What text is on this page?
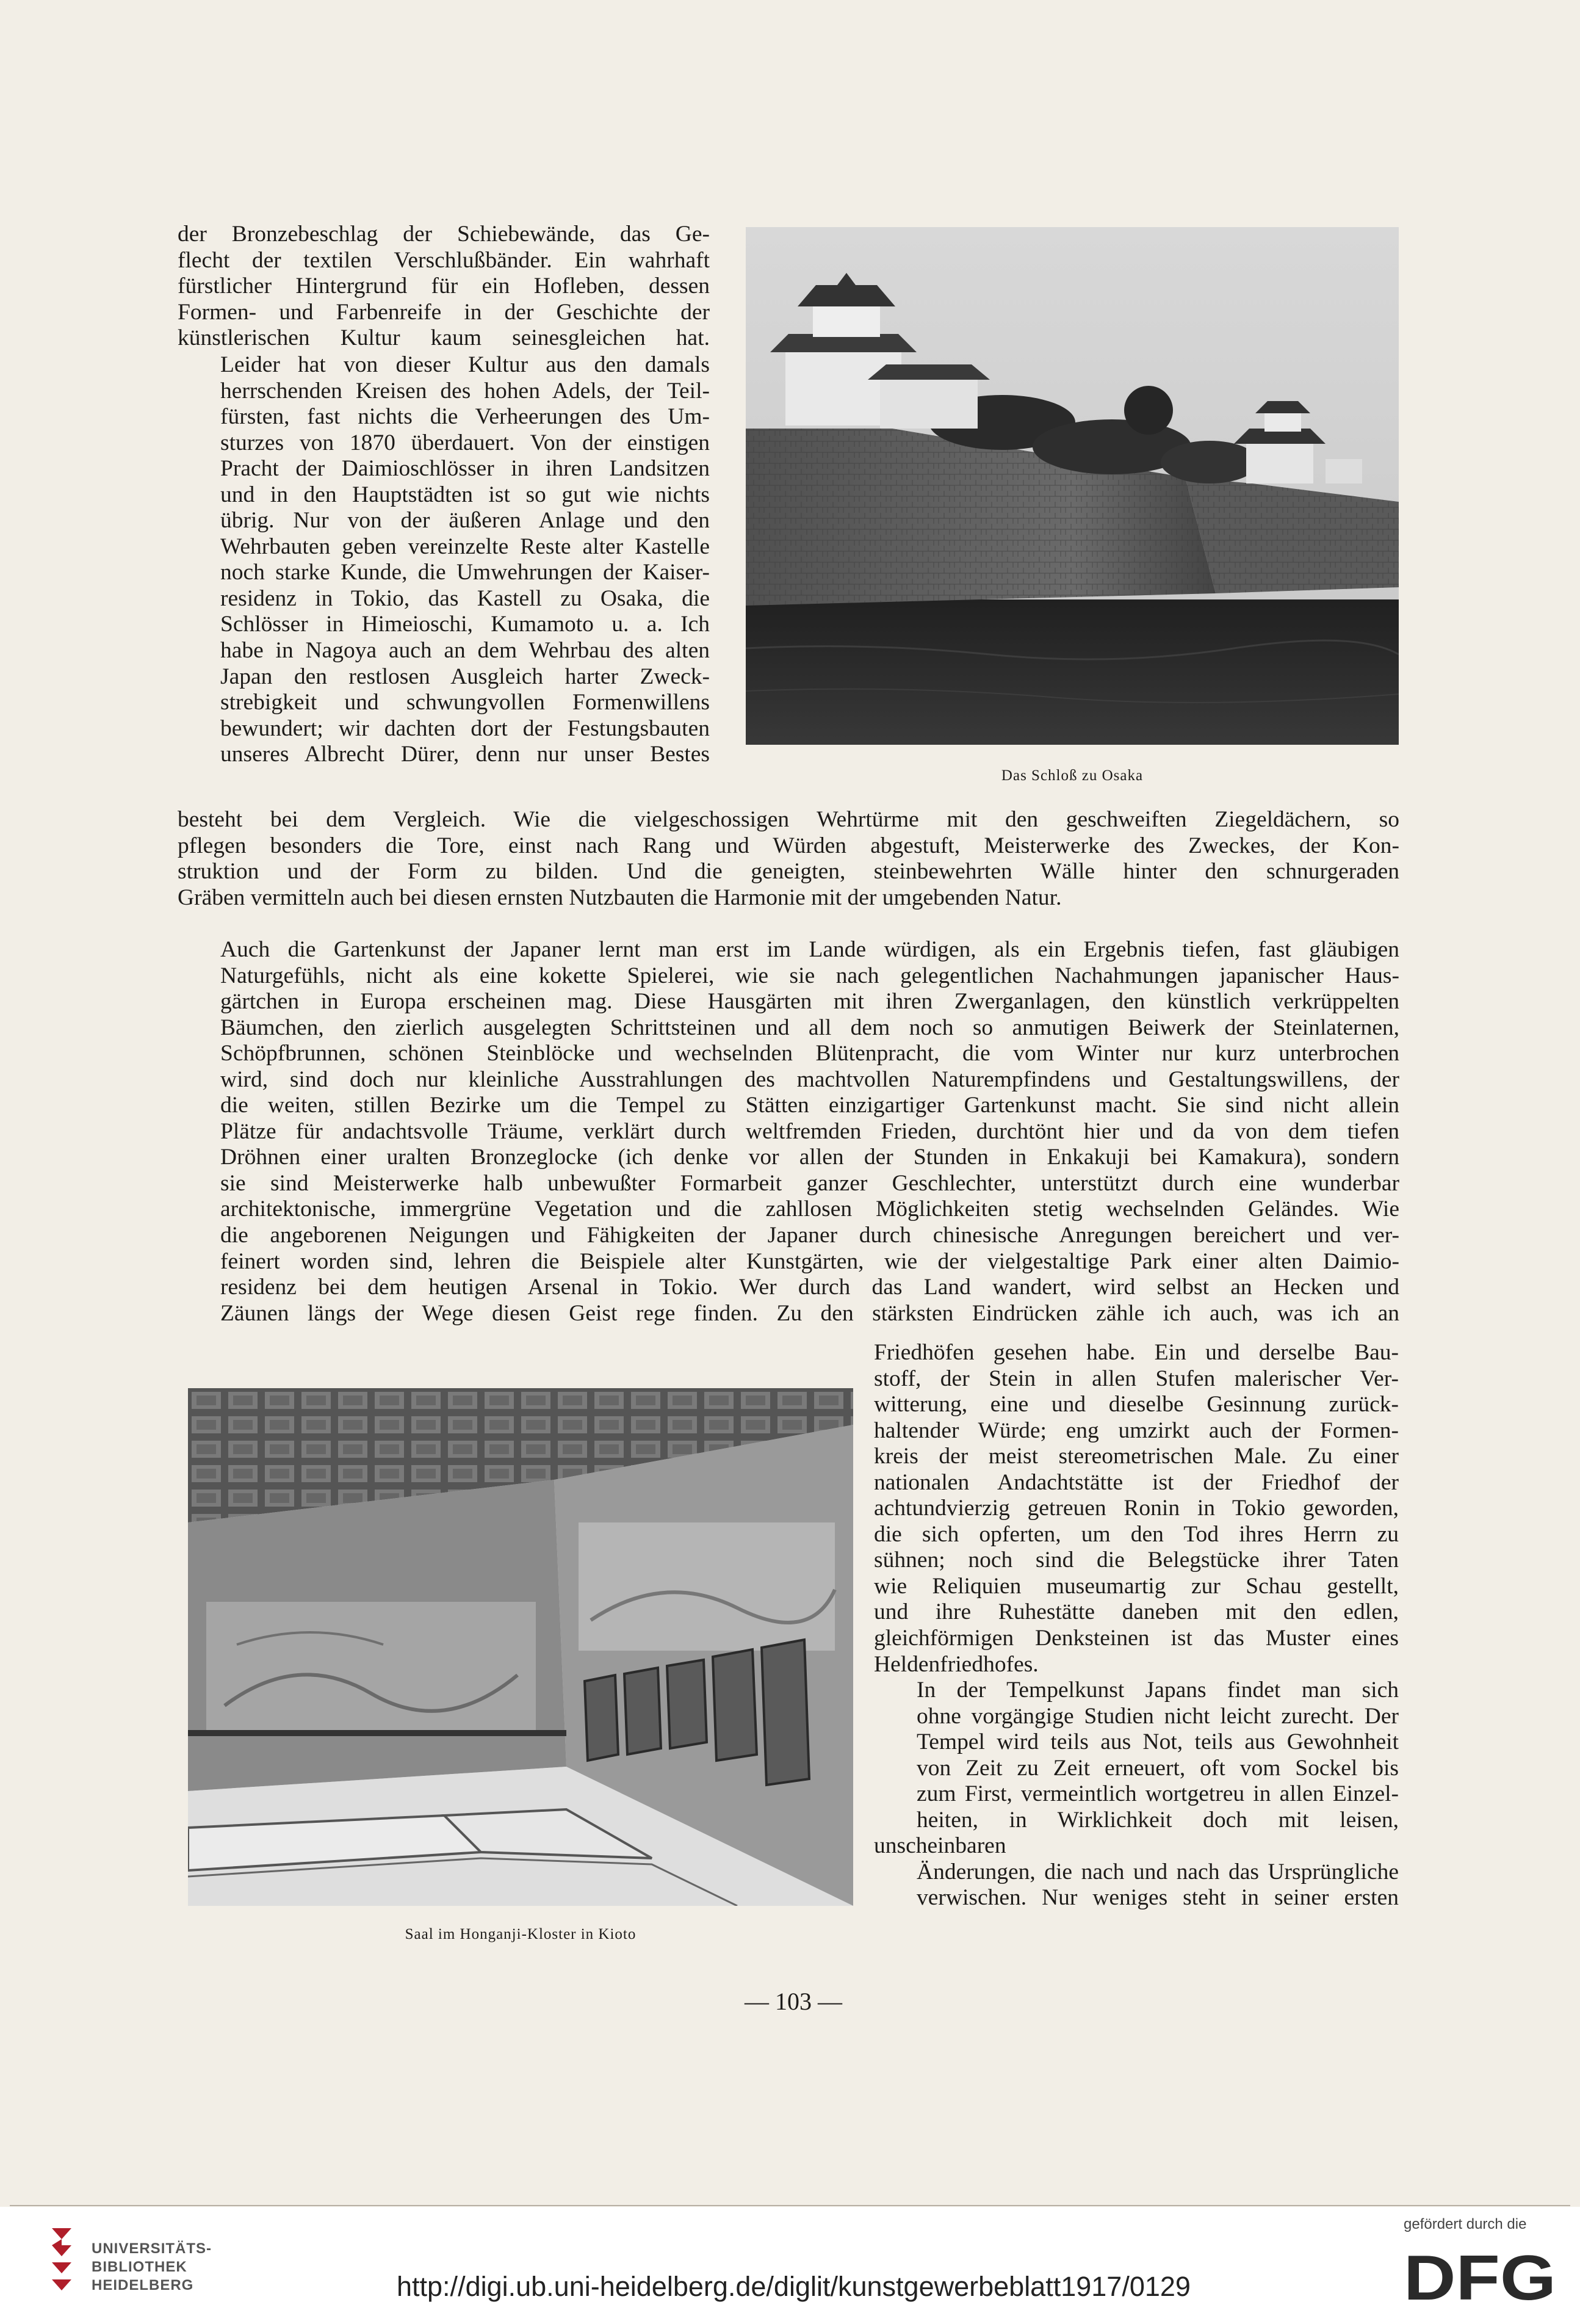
der Bronzebeschlag der Schiebewände, das Ge-
flecht der textilen Verschlußbänder. Ein wahrhaft
fürstlicher Hintergrund für ein Hofleben, dessen
Formen- und Farbenreife in der Geschichte der
künstlerischen Kultur kaum seinesgleichen hat.
Leider hat von dieser Kultur aus den damals
herrschenden Kreisen des hohen Adels, der Teil-
fürsten, fast nichts die Verheerungen des Um-
sturzes von 1870 überdauert. Von der einstigen
Pracht der Daimioschlösser in ihren Landsitzen
und in den Hauptstädten ist so gut wie nichts
übrig. Nur von der äußeren Anlage und den
Wehrbauten geben vereinzelte Reste alter Kastelle
noch starke Kunde, die Umwehrungen der Kaiser-
residenz in Tokio, das Kastell zu Osaka, die
Schlösser in Himeioschi, Kumamoto u. a. Ich
habe in Nagoya auch an dem Wehrbau des alten
Japan den restlosen Ausgleich harter Zweck-
strebigkeit und schwungvollen Formenwillens
bewundert; wir dachten dort der Festungsbauten
unseres Albrecht Dürer, denn nur unser Bestes
Das Schloß zu Osaka
besteht bei dem Vergleich. Wie die vielgeschossigen Wehrtürme mit den geschweiften Ziegeldächern, so
pflegen besonders die Tore, einst nach Rang und Würden abgestuft, Meisterwerke des Zweckes, der Kon-
struktion und der Form zu bilden. Und die geneigten, steinbewehrten Wälle hinter den schnurgeraden
Gräben vermitteln auch bei diesen ernsten Nutzbauten die Harmonie mit der umgebenden Natur.
Auch die Gartenkunst der Japaner lernt man erst im Lande würdigen, als ein Ergebnis tiefen, fast gläubigen
Naturgefühls, nicht als eine kokette Spielerei, wie sie nach gelegentlichen Nachahmungen japanischer Haus-
gärtchen in Europa erscheinen mag. Diese Hausgärten mit ihren Zwerganlagen, den künstlich verkrüppelten
Bäumchen, den zierlich ausgelegten Schrittsteinen und all dem noch so anmutigen Beiwerk der Steinlaternen,
Schöpfbrunnen, schönen Steinblöcke und wechselnden Blütenpracht, die vom Winter nur kurz unterbrochen
wird, sind doch nur kleinliche Ausstrahlungen des machtvollen Naturempfindens und Gestaltungswillens, der
die weiten, stillen Bezirke um die Tempel zu Stätten einzigartiger Gartenkunst macht. Sie sind nicht allein
Plätze für andachtsvolle Träume, verklärt durch weltfremden Frieden, durchtönt hier und da von dem tiefen
Dröhnen einer uralten Bronzeglocke (ich denke vor allen der Stunden in Enkakuji bei Kamakura), sondern
sie sind Meisterwerke halb unbewußter Formarbeit ganzer Geschlechter, unterstützt durch eine wunderbar
architektonische, immergrüne Vegetation und die zahllosen Möglichkeiten stetig wechselnden Geländes. Wie
die angeborenen Neigungen und Fähigkeiten der Japaner durch chinesische Anregungen bereichert und ver-
feinert worden sind, lehren die Beispiele alter Kunstgärten, wie der vielgestaltige Park einer alten Daimio-
residenz bei dem heutigen Arsenal in Tokio. Wer durch das Land wandert, wird selbst an Hecken und
Zäunen längs der Wege diesen Geist rege finden. Zu den stärksten Eindrücken zähle ich auch, was ich an
Saal im Honganji-Kloster in Kioto
Friedhöfen gesehen habe. Ein und derselbe Bau-
stoff, der Stein in allen Stufen malerischer Ver-
witterung, eine und dieselbe Gesinnung zurück-
haltender Würde; eng umzirkt auch der Formen-
kreis der meist stereometrischen Male. Zu einer
nationalen Andachtstätte ist der Friedhof der
achtundvierzig getreuen Ronin in Tokio geworden,
die sich opferten, um den Tod ihres Herrn zu
sühnen; noch sind die Belegstücke ihrer Taten
wie Reliquien museumartig zur Schau gestellt,
und ihre Ruhestätte daneben mit den edlen,
gleichförmigen Denksteinen ist das Muster eines
Heldenfriedhofes.
In der Tempelkunst Japans findet man sich
ohne vorgängige Studien nicht leicht zurecht. Der
Tempel wird teils aus Not, teils aus Gewohnheit
von Zeit zu Zeit erneuert, oft vom Sockel bis
zum First, vermeintlich wortgetreu in allen Einzel-
heiten, in Wirklichkeit doch mit leisen, unscheinbaren
Änderungen, die nach und nach das Ursprüngliche
verwischen. Nur weniges steht in seiner ersten
— 103 —
UNIVERSITÄTS-
BIBLIOTHEK
HEIDELBERG	http://digi.ub.uni-heidelberg.de/diglit/kunstgewerbeblatt1917/0129
gefördert durch die
DFG
